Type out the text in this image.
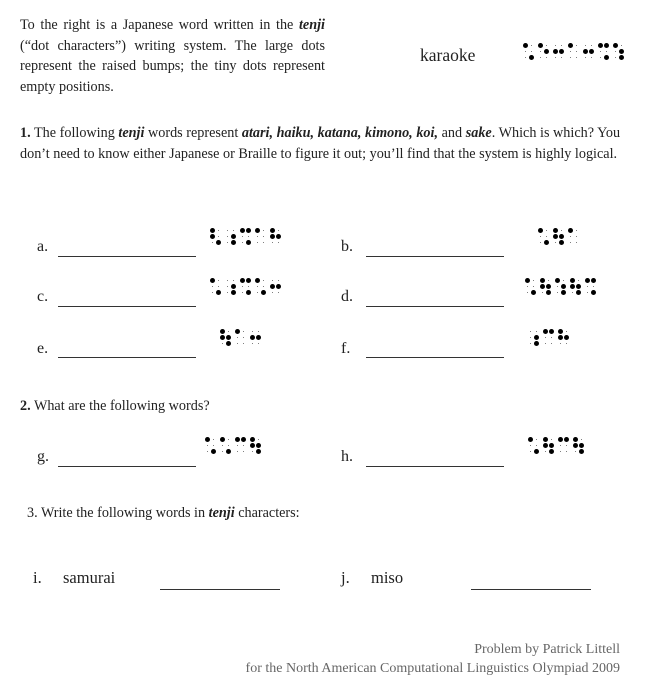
To the right is a Japanese word written in the tenji (“dot characters”) writing system. The large dots represent the raised bumps; the tiny dots represent empty positions.
karaoke
1. The following tenji words represent atari, haiku, katana, kimono, koi, and sake. Which is which? You don’t need to know either Japanese or Braille to figure it out; you’ll find that the system is highly logical.
a.	b.
c.	d.
e.	f.
2. What are the following words?
g.	h.
3. Write the following words in tenji characters:
i. samurai	j. miso
Problem by Patrick Littell
for the North American Computational Linguistics Olympiad 2009
